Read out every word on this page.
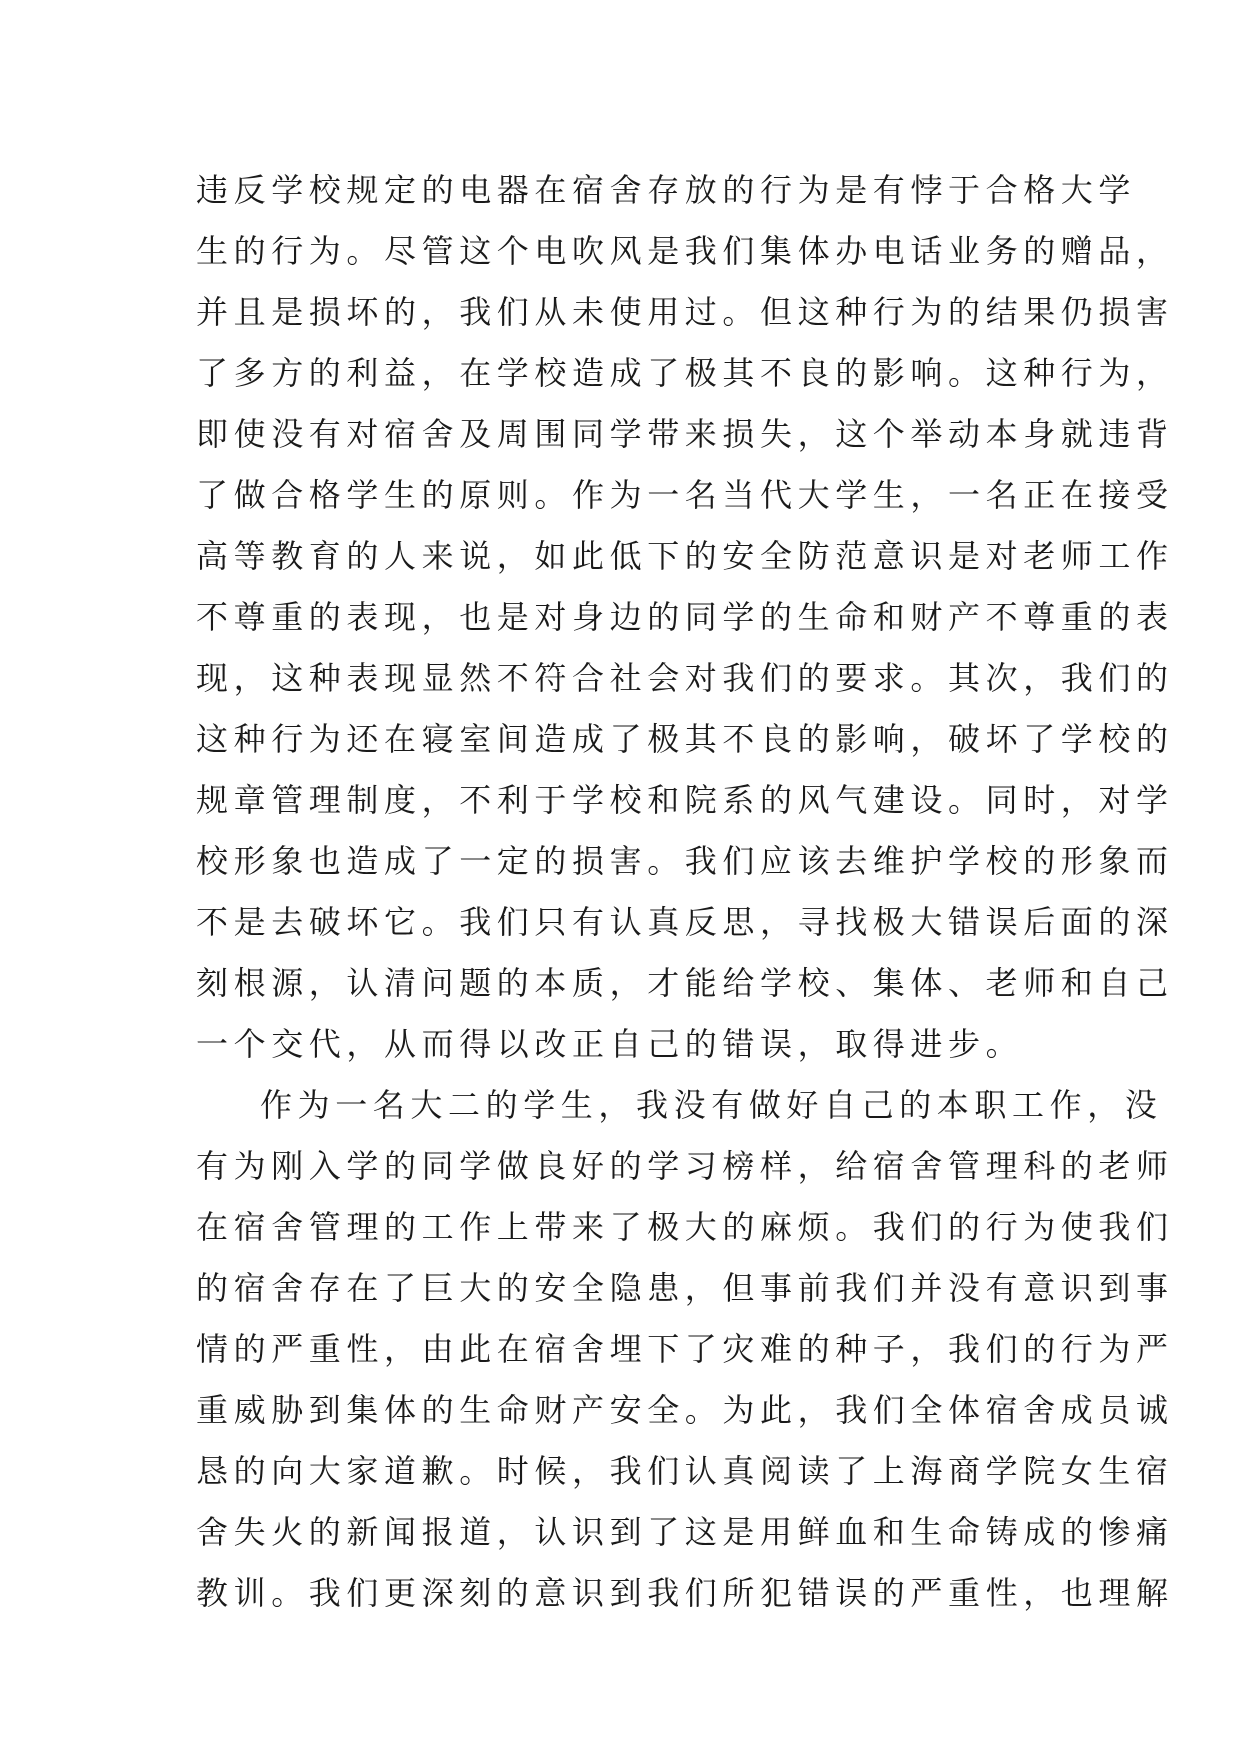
违反学校规定的电器在宿舍存放的行为是有悖于合格大学
生的行为。尽管这个电吹风是我们集体办电话业务的赠品，
并且是损坏的，我们从未使用过。但这种行为的结果仍损害
了多方的利益，在学校造成了极其不良的影响。这种行为，
即使没有对宿舍及周围同学带来损失，这个举动本身就违背
了做合格学生的原则。作为一名当代大学生，一名正在接受
高等教育的人来说，如此低下的安全防范意识是对老师工作
不尊重的表现，也是对身边的同学的生命和财产不尊重的表
现，这种表现显然不符合社会对我们的要求。其次，我们的
这种行为还在寝室间造成了极其不良的影响，破坏了学校的
规章管理制度，不利于学校和院系的风气建设。同时，对学
校形象也造成了一定的损害。我们应该去维护学校的形象而
不是去破坏它。我们只有认真反思，寻找极大错误后面的深
刻根源，认清问题的本质，才能给学校、集体、老师和自己
一个交代，从而得以改正自己的错误，取得进步。
作为一名大二的学生，我没有做好自己的本职工作，没
有为刚入学的同学做良好的学习榜样，给宿舍管理科的老师
在宿舍管理的工作上带来了极大的麻烦。我们的行为使我们
的宿舍存在了巨大的安全隐患，但事前我们并没有意识到事
情的严重性，由此在宿舍埋下了灾难的种子，我们的行为严
重威胁到集体的生命财产安全。为此，我们全体宿舍成员诚
恳的向大家道歉。时候，我们认真阅读了上海商学院女生宿
舍失火的新闻报道，认识到了这是用鲜血和生命铸成的惨痛
教训。我们更深刻的意识到我们所犯错误的严重性，也理解
